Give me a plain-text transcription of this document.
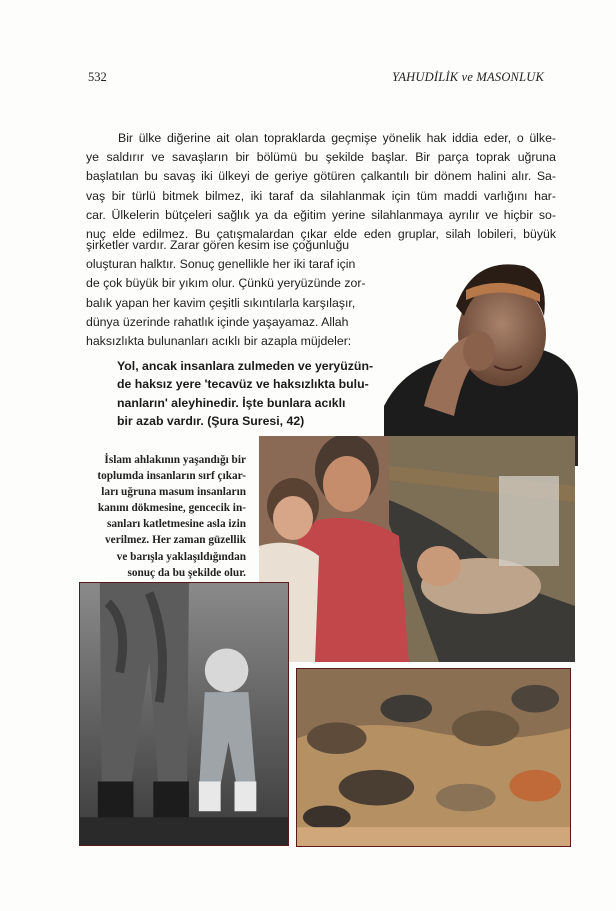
532	YAHUDİLİK ve MASONLUK
Bir ülke diğerine ait olan topraklarda geçmişe yönelik hak iddia eder, o ülke-
ye saldırır ve savaşların bir bölümü bu şekilde başlar. Bir parça toprak uğruna
başlatılan bu savaş iki ülkeyi de geriye götüren çalkantılı bir dönem halini alır. Sa-
vaş bir türlü bitmek bilmez, iki taraf da silahlanmak için tüm maddi varlığını har-
car. Ülkelerin bütçeleri sağlık ya da eğitim yerine silahlanmaya ayrılır ve hiçbir so-
nuç elde edilmez. Bu çatışmalardan çıkar elde eden gruplar, silah lobileri, büyük
şirketler vardır. Zarar gören kesim ise çoğunluğu
oluşturan halktır. Sonuç genellikle her iki taraf için
de çok büyük bir yıkım olur. Çünkü yeryüzünde zor-
balık yapan her kavim çeşitli sıkıntılarla karşılaşır,
dünya üzerinde rahatlık içinde yaşayamaz. Allah
haksızlıkta bulunanları acıklı bir azapla müjdeler:
Yol, ancak insanlara zulmeden ve yeryüzün-
de haksız yere 'tecavüz ve haksızlıkta bulu-
nanların' aleyhinedir. İşte bunlara acıklı
bir azab vardır. (Şura Suresi, 42)
İslam ahlakının yaşandığı bir
toplumda insanların sırf çıkar-
ları uğruna masum insanların
kanını dökmesine, gencecik in-
sanları katletmesine asla izin
verilmez. Her zaman güzellik
ve barışla yaklaşıldığından
sonuç da bu şekilde olur.
